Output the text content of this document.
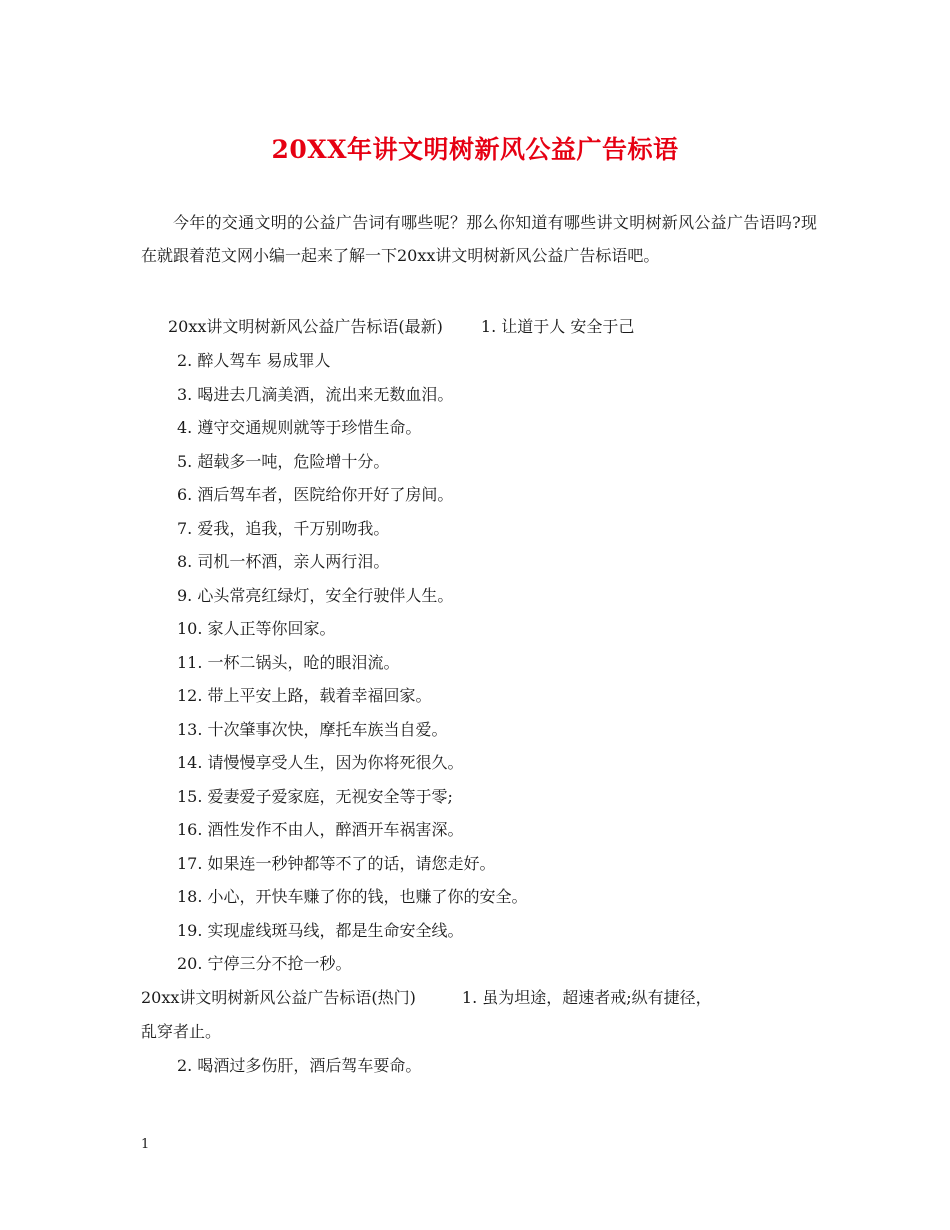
20XX年讲文明树新风公益广告标语
今年的交通文明的公益广告词有哪些呢？那么你知道有哪些讲文明树新风公益广告语吗?现在就跟着范文网小编一起来了解一下20xx讲文明树新风公益广告标语吧。
20xx讲文明树新风公益广告标语(最新) 1. 让道于人 安全于己
2. 醉人驾车 易成罪人
3. 喝进去几滴美酒，流出来无数血泪。
4. 遵守交通规则就等于珍惜生命。
5. 超载多一吨，危险增十分。
6. 酒后驾车者，医院给你开好了房间。
7. 爱我，追我，千万别吻我。
8. 司机一杯酒，亲人两行泪。
9. 心头常亮红绿灯，安全行驶伴人生。
10. 家人正等你回家。
11. 一杯二锅头，呛的眼泪流。
12. 带上平安上路，载着幸福回家。
13. 十次肇事次快，摩托车族当自爱。
14. 请慢慢享受人生，因为你将死很久。
15. 爱妻爱子爱家庭，无视安全等于零;
16. 酒性发作不由人，醉酒开车祸害深。
17. 如果连一秒钟都等不了的话，请您走好。
18. 小心，开快车赚了你的钱，也赚了你的安全。
19. 实现虚线斑马线，都是生命安全线。
20. 宁停三分不抢一秒。
20xx讲文明树新风公益广告标语(热门)	1. 虽为坦途，超速者戒;纵有捷径，
乱穿者止。
2. 喝酒过多伤肝，酒后驾车要命。
1
